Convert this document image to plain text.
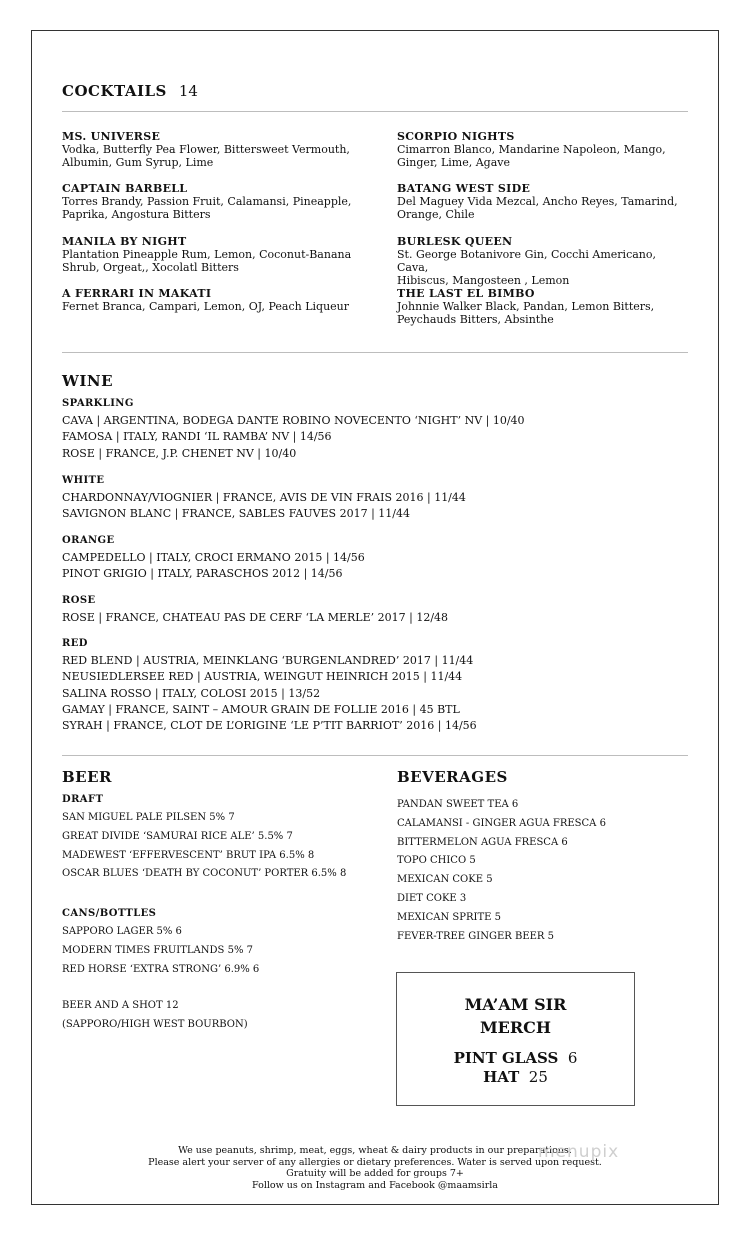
COCKTAILS 14
MS. UNIVERSE
Vodka, Butterfly Pea Flower, Bittersweet Vermouth,
Albumin, Gum Syrup, Lime
CAPTAIN BARBELL
Torres Brandy, Passion Fruit, Calamansi, Pineapple,
Paprika, Angostura Bitters
MANILA BY NIGHT
Plantation Pineapple Rum, Lemon, Coconut-Banana
Shrub, Orgeat,, Xocolatl Bitters
A FERRARI IN MAKATI
Fernet Branca, Campari, Lemon, OJ, Peach Liqueur
SCORPIO NIGHTS
Cimarron Blanco, Mandarine Napoleon, Mango,
Ginger, Lime, Agave
BATANG WEST SIDE
Del Maguey Vida Mezcal, Ancho Reyes, Tamarind,
Orange, Chile
BURLESK QUEEN
St. George Botanivore Gin, Cocchi Americano, Cava,
Hibiscus, Mangosteen , Lemon
THE LAST EL BIMBO
Johnnie Walker Black, Pandan, Lemon Bitters,
Peychauds Bitters, Absinthe
WINE
SPARKLING
CAVA | ARGENTINA, BODEGA DANTE ROBINO NOVECENTO ‘NIGHT’ NV | 10/40
FAMOSA | ITALY, RANDI ‘IL RAMBA’ NV | 14/56
ROSE | FRANCE, J.P. CHENET NV | 10/40
WHITE
CHARDONNAY/VIOGNIER | FRANCE, AVIS DE VIN FRAIS 2016 | 11/44
SAVIGNON BLANC | FRANCE, SABLES FAUVES 2017 | 11/44
ORANGE
CAMPEDELLO | ITALY, CROCI ERMANO 2015 | 14/56
PINOT GRIGIO | ITALY, PARASCHOS 2012 | 14/56
ROSE
ROSE | FRANCE, CHATEAU PAS DE CERF ‘LA MERLE’ 2017 | 12/48
RED
RED BLEND | AUSTRIA, MEINKLANG ‘BURGENLANDRED’ 2017 | 11/44
NEUSIEDLERSEE RED | AUSTRIA, WEINGUT HEINRICH 2015 | 11/44
SALINA ROSSO | ITALY, COLOSI 2015 | 13/52
GAMAY | FRANCE, SAINT – AMOUR GRAIN DE FOLLIE 2016 | 45 BTL
SYRAH | FRANCE, CLOT DE L’ORIGINE ‘LE P’TIT BARRIOT’ 2016 | 14/56
BEER
DRAFT
SAN MIGUEL PALE PILSEN 5% 7
GREAT DIVIDE ‘SAMURAI RICE ALE’ 5.5% 7
MADEWEST ‘EFFERVESCENT’ BRUT IPA 6.5% 8
OSCAR BLUES ‘DEATH BY COCONUT’ PORTER 6.5% 8
CANS/BOTTLES
SAPPORO LAGER 5% 6
MODERN TIMES FRUITLANDS 5% 7
RED HORSE ‘EXTRA STRONG’ 6.9% 6
BEER AND A SHOT 12
(SAPPORO/HIGH WEST BOURBON)
BEVERAGES
PANDAN SWEET TEA 6
CALAMANSI - GINGER AGUA FRESCA 6
BITTERMELON AGUA FRESCA 6
TOPO CHICO 5
MEXICAN COKE 5
DIET COKE 3
MEXICAN SPRITE 5
FEVER-TREE GINGER BEER 5
MA’AM SIR
MERCH
PINT GLASS 6
HAT 25
We use peanuts, shrimp, meat, eggs, wheat & dairy products in our preparations.
Please alert your server of any allergies or dietary preferences. Water is served upon request.
Gratuity will be added for groups 7+
Follow us on Instagram and Facebook @maamsirla
menupix
